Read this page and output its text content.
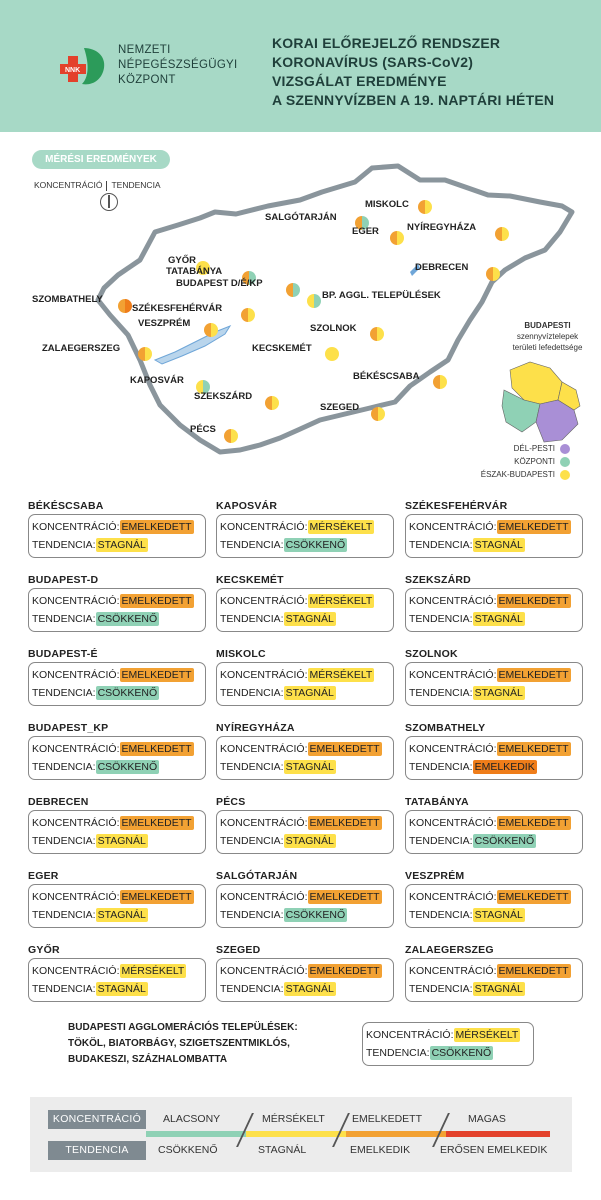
NNK
NEMZETI
NÉPEGÉSZSÉGÜGYI
KÖZPONT
KORAI ELŐREJELZŐ RENDSZER
KORONAVÍRUS (SARS-CoV2)
VIZSGÁLAT EREDMÉNYE
A SZENNYVÍZBEN A 19. NAPTÁRI HÉTEN
MÉRÉSI EREDMÉNYEK
KONCENTRÁCIÓ TENDENCIA
MISKOLC
SALGÓTARJÁN
EGER	NYÍREGYHÁZA
GYŐR
TATABÁNYA
BUDAPEST D/É/KP
BP. AGGL. TELEPÜLÉSEK
DEBRECEN
SZOMBATHELY
SZÉKESFEHÉRVÁR
VESZPRÉM	SZOLNOK
ZALAEGERSZEG	KECSKEMÉT
BÉKÉSCSABA
KAPOSVÁR
SZEKSZÁRD
SZEGED
PÉCS
BUDAPESTI
szennyvíztelepek területi lefedettsége
DÉL-PESTI
KÖZPONTI
ÉSZAK-BUDAPESTI
BÉKÉSCSABA
KONCENTRÁCIÓ: EMELKEDETT
TENDENCIA: STAGNÁL
KAPOSVÁR
KONCENTRÁCIÓ: MÉRSÉKELT
TENDENCIA: CSÖKKENŐ
SZÉKESFEHÉRVÁR
KONCENTRÁCIÓ: EMELKEDETT
TENDENCIA: STAGNÁL
BUDAPEST-D
KONCENTRÁCIÓ: EMELKEDETT
TENDENCIA: CSÖKKENŐ
KECSKEMÉT
KONCENTRÁCIÓ: MÉRSÉKELT
TENDENCIA: STAGNÁL
SZEKSZÁRD
KONCENTRÁCIÓ: EMELKEDETT
TENDENCIA: STAGNÁL
BUDAPEST-É
KONCENTRÁCIÓ: EMELKEDETT
TENDENCIA: CSÖKKENŐ
MISKOLC
KONCENTRÁCIÓ: MÉRSÉKELT
TENDENCIA: STAGNÁL
SZOLNOK
KONCENTRÁCIÓ: EMELKEDETT
TENDENCIA: STAGNÁL
BUDAPEST_KP
KONCENTRÁCIÓ: EMELKEDETT
TENDENCIA: CSÖKKENŐ
NYÍREGYHÁZA
KONCENTRÁCIÓ: EMELKEDETT
TENDENCIA: STAGNÁL
SZOMBATHELY
KONCENTRÁCIÓ: EMELKEDETT
TENDENCIA: EMELKEDIK
DEBRECEN
KONCENTRÁCIÓ: EMELKEDETT
TENDENCIA: STAGNÁL
PÉCS
KONCENTRÁCIÓ: EMELKEDETT
TENDENCIA: STAGNÁL
TATABÁNYA
KONCENTRÁCIÓ: EMELKEDETT
TENDENCIA: CSÖKKENŐ
EGER
KONCENTRÁCIÓ: EMELKEDETT
TENDENCIA: STAGNÁL
SALGÓTARJÁN
KONCENTRÁCIÓ: EMELKEDETT
TENDENCIA: CSÖKKENŐ
VESZPRÉM
KONCENTRÁCIÓ: EMELKEDETT
TENDENCIA: STAGNÁL
GYŐR
KONCENTRÁCIÓ: MÉRSÉKELT
TENDENCIA: STAGNÁL
SZEGED
KONCENTRÁCIÓ: EMELKEDETT
TENDENCIA: STAGNÁL
ZALAEGERSZEG
KONCENTRÁCIÓ: EMELKEDETT
TENDENCIA: STAGNÁL
BUDAPESTI AGGLOMERÁCIÓS TELEPÜLÉSEK:
TÖKÖL, BIATORBÁGY, SZIGETSZENTMIKLÓS,
BUDAKESZI, SZÁZHALOMBATTA
KONCENTRÁCIÓ: MÉRSÉKELT
TENDENCIA: CSÖKKENŐ
KONCENTRÁCIÓ
TENDENCIA
ALACSONY	MÉRSÉKELT	EMELKEDETT	MAGAS
CSÖKKENŐ	STAGNÁL	EMELKEDIK	ERŐSEN EMELKEDIK
